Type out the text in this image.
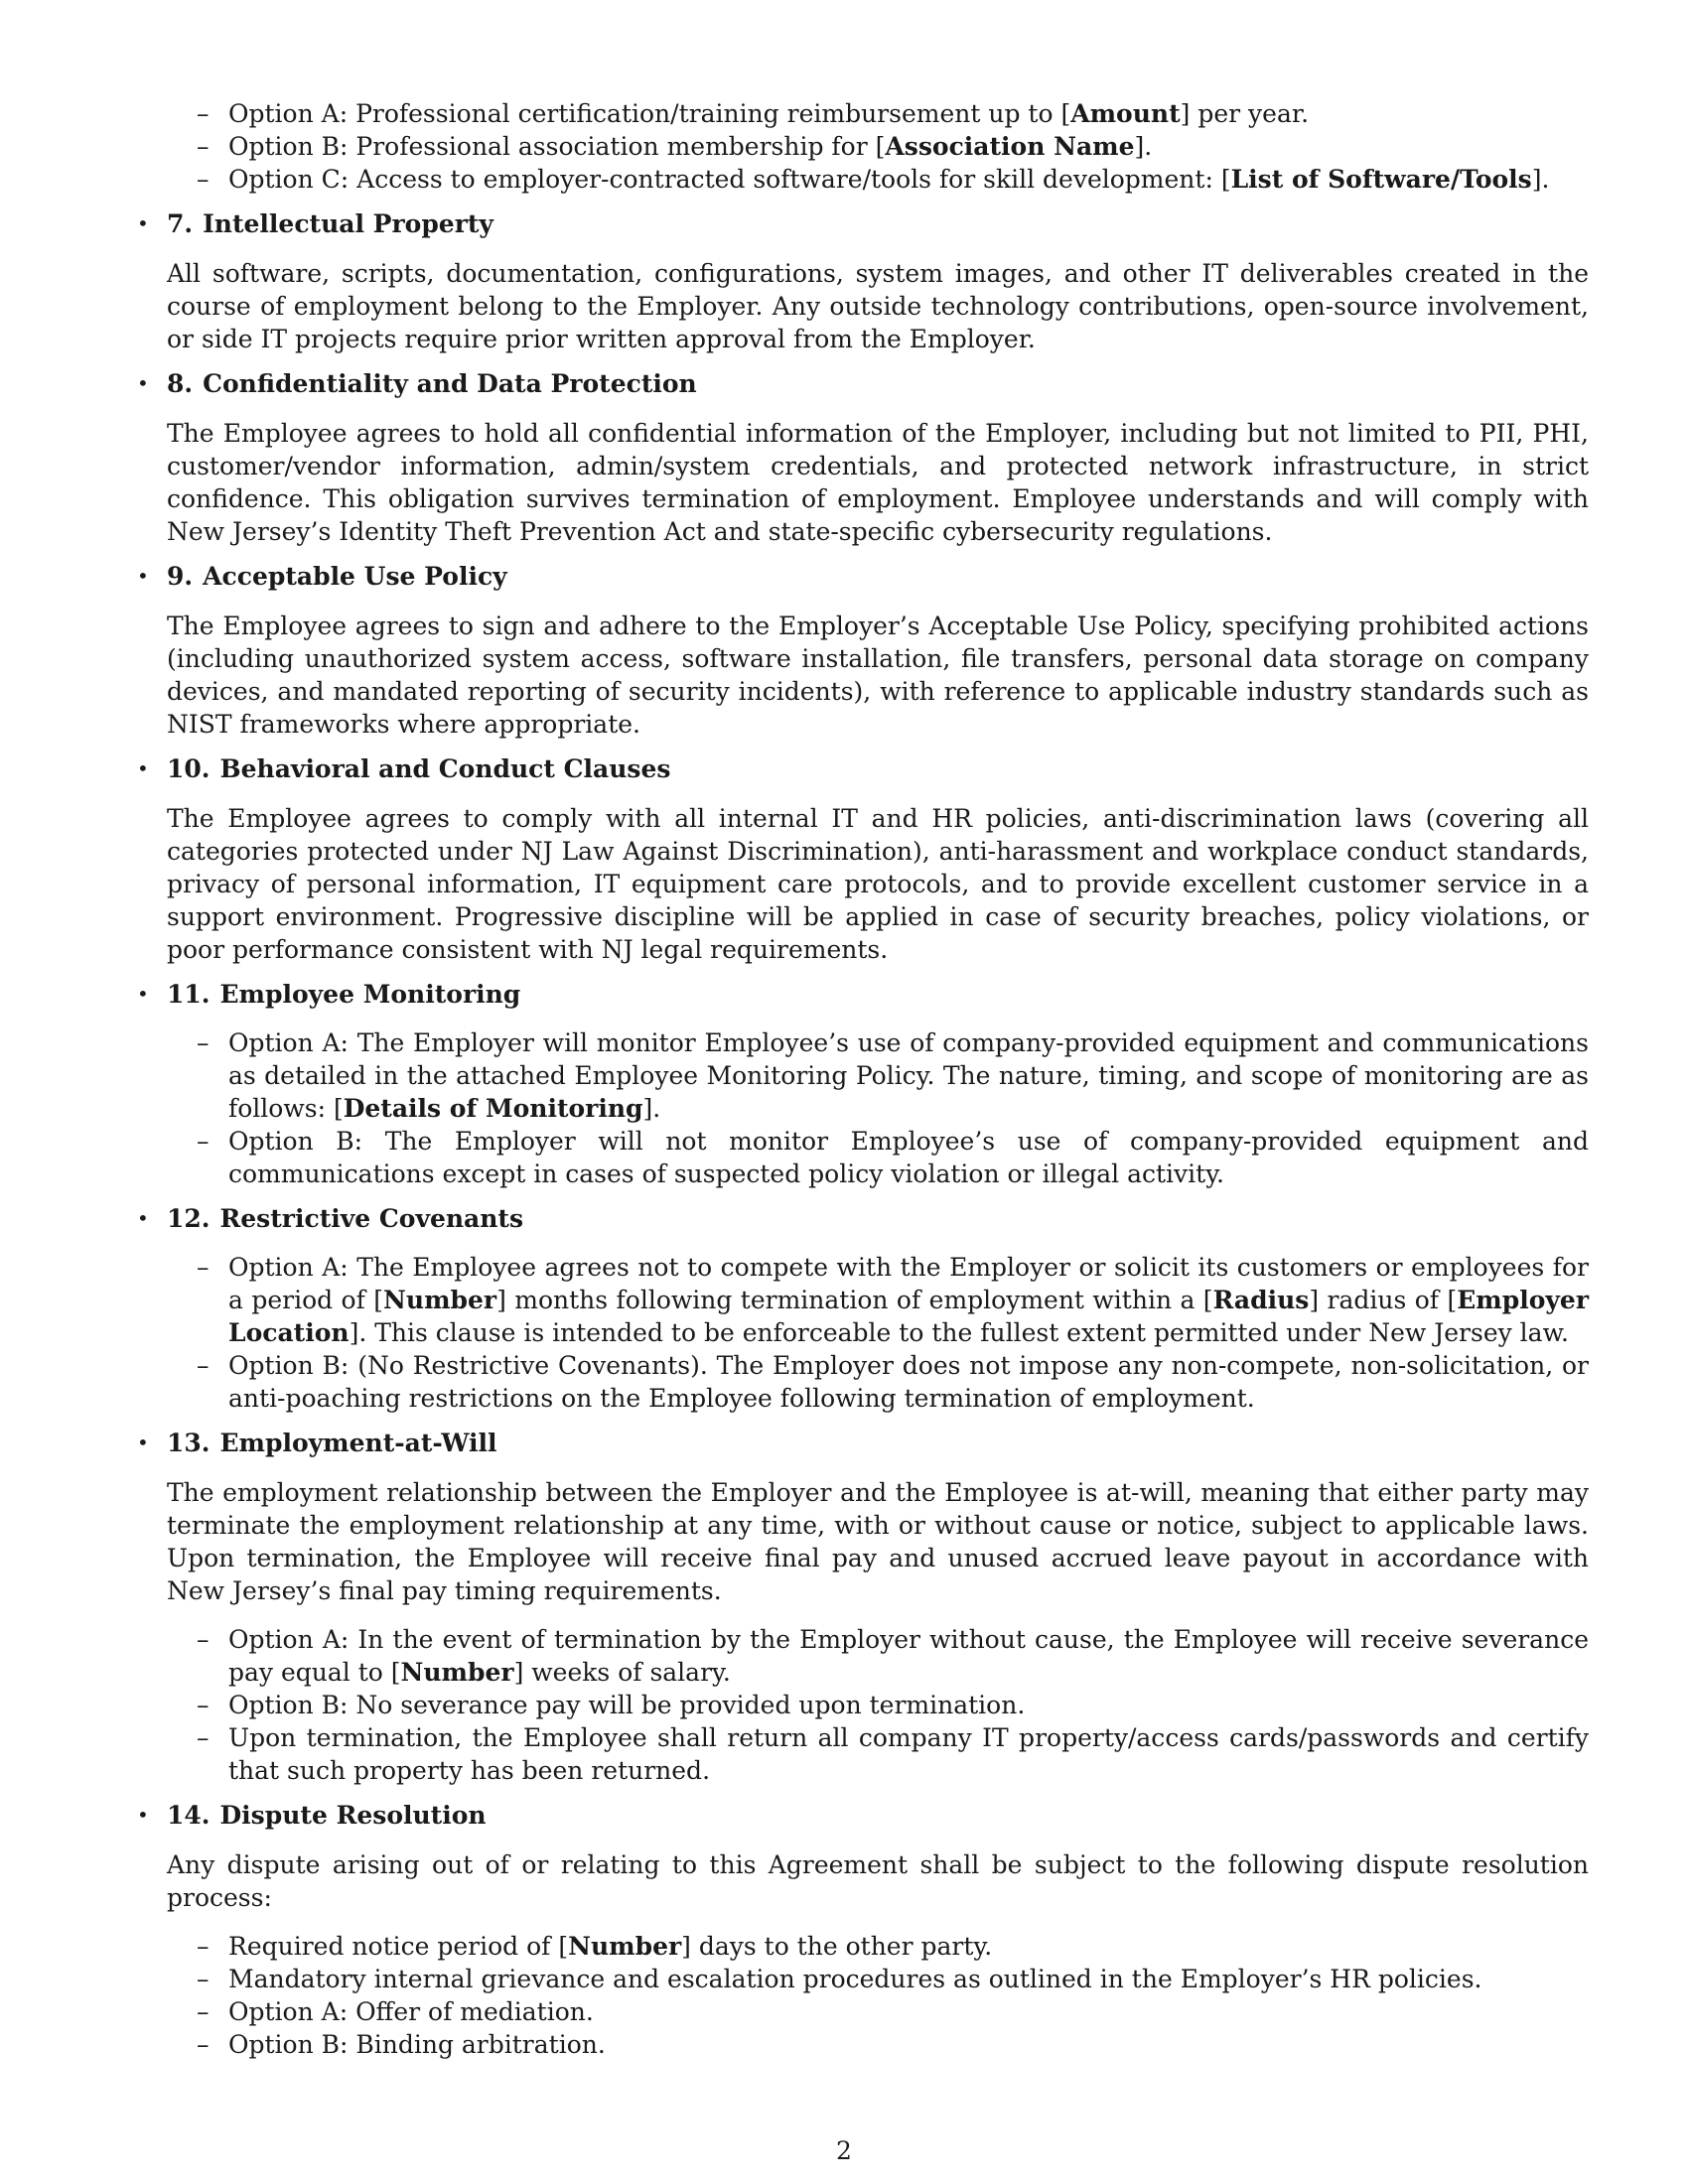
– Option A: Professional certification/training reimbursement up to [Amount] per year.
– Option B: Professional association membership for [Association Name].
– Option C: Access to employer-contracted software/tools for skill development: [List of Software/Tools].
• 7. Intellectual Property

All software, scripts, documentation, configurations, system images, and other IT deliverables created in the course of employment belong to the Employer. Any outside technology contributions, open-source involvement, or side IT projects require prior written approval from the Employer.

• 8. Confidentiality and Data Protection

The Employee agrees to hold all confidential information of the Employer, including but not limited to PII, PHI, customer/vendor information, admin/system credentials, and protected network infrastructure, in strict confidence. This obligation survives termination of employment. Employee understands and will comply with New Jersey’s Identity Theft Prevention Act and state-specific cybersecurity regulations.

• 9. Acceptable Use Policy

The Employee agrees to sign and adhere to the Employer’s Acceptable Use Policy, specifying prohibited actions (including unauthorized system access, software installation, file transfers, personal data storage on company devices, and mandated reporting of security incidents), with reference to applicable industry standards such as NIST frameworks where appropriate.

• 10. Behavioral and Conduct Clauses

The Employee agrees to comply with all internal IT and HR policies, anti-discrimination laws (covering all categories protected under NJ Law Against Discrimination), anti-harassment and workplace conduct standards, privacy of personal information, IT equipment care protocols, and to provide excellent customer service in a support environment. Progressive discipline will be applied in case of security breaches, policy violations, or poor performance consistent with NJ legal requirements.

• 11. Employee Monitoring
– Option A: The Employer will monitor Employee’s use of company-provided equipment and communications as detailed in the attached Employee Monitoring Policy. The nature, timing, and scope of monitoring are as follows: [Details of Monitoring].
– Option B: The Employer will not monitor Employee’s use of company-provided equipment and communications except in cases of suspected policy violation or illegal activity.
• 12. Restrictive Covenants
– Option A: The Employee agrees not to compete with the Employer or solicit its customers or employees for a period of [Number] months following termination of employment within a [Radius] radius of [Employer Location]. This clause is intended to be enforceable to the fullest extent permitted under New Jersey law.
– Option B: (No Restrictive Covenants). The Employer does not impose any non-compete, non-solicitation, or anti-poaching restrictions on the Employee following termination of employment.
• 13. Employment-at-Will

The employment relationship between the Employer and the Employee is at-will, meaning that either party may terminate the employment relationship at any time, with or without cause or notice, subject to applicable laws. Upon termination, the Employee will receive final pay and unused accrued leave payout in accordance with New Jersey’s final pay timing requirements.

– Option A: In the event of termination by the Employer without cause, the Employee will receive severance pay equal to [Number] weeks of salary.
– Option B: No severance pay will be provided upon termination.
– Upon termination, the Employee shall return all company IT property/access cards/passwords and certify that such property has been returned.
• 14. Dispute Resolution

Any dispute arising out of or relating to this Agreement shall be subject to the following dispute resolution process:

– Required notice period of [Number] days to the other party.
– Mandatory internal grievance and escalation procedures as outlined in the Employer’s HR policies.
– Option A: Offer of mediation.
– Option B: Binding arbitration.
2
